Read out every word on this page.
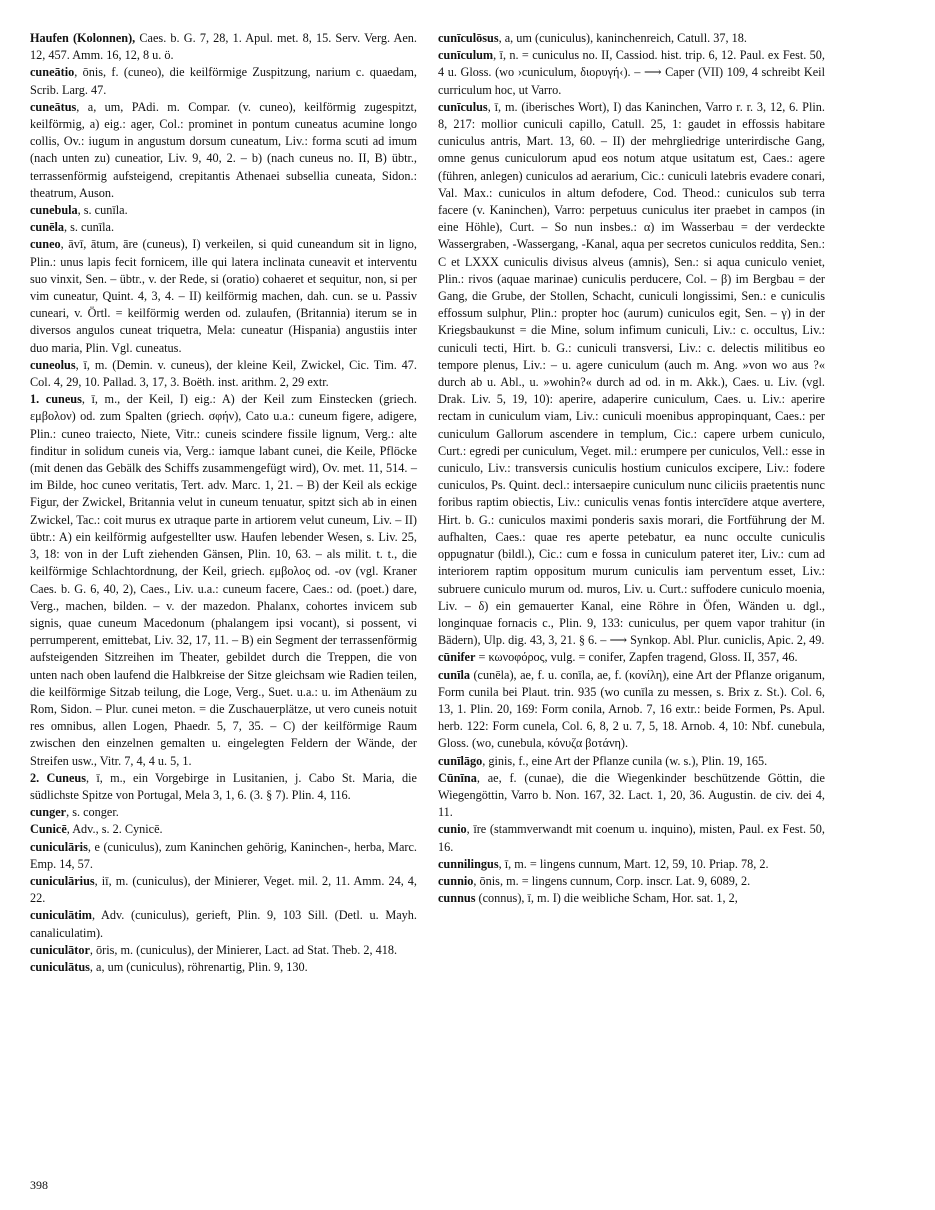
Haufen (Kolonnen), Caes. b. G. 7, 28, 1. Apul. met. 8, 15. Serv. Verg. Aen. 12, 457. Amm. 16, 12, 8 u. ö.

cuneātio, ōnis, f. (cuneo), die keilförmige Zuspitzung, narium c. quaedam, Scrib. Larg. 47.

cuneātus, a, um, PAdi. m. Compar. (v. cuneo), keilförmig zugespitzt, keilförmig, a) eig.: ager, Col.: prominet in pontum cuneatus acumine longo collis, Ov.: iugum in angustum dorsum cuneatum, Liv.: forma scuti ad imum (nach unten zu) cuneatior, Liv. 9, 40, 2. – b) (nach cuneus no. II, B) übtr., terrassenförmig aufsteigend, crepitantis Athenaei subsellia cuneata, Sidon.: theatrum, Auson.

cunebula, s. cunīla.

cunēla, s. cunīla.

cuneo, āvī, ātum, āre (cuneus), I) verkeilen, si quid cuneandum sit in ligno, Plin.: unus lapis fecit fornicem, ille qui latera inclinata cuneavit et interventu suo vinxit, Sen. – übtr., v. der Rede, si (oratio) cohaeret et sequitur, non, si per vim cuneatur, Quint. 4, 3, 4. – II) keilförmig machen, dah. cun. se u. Passiv cuneari, v. Örtl. = keilförmig werden od. zulaufen, (Britannia) iterum se in diversos angulos cuneat triquetra, Mela: cuneatur (Hispania) angustiis inter duo maria, Plin. Vgl. cuneatus.

cuneolus, ī, m. (Demin. v. cuneus), der kleine Keil, Zwickel, Cic. Tim. 47. Col. 4, 29, 10. Pallad. 3, 17, 3. Boëth. inst. arithm. 2, 29 extr.

1. cuneus, ī, m., der Keil, I) eig.: A) der Keil zum Einstecken (griech. εμβολον) od. zum Spalten (griech. σφήν), Cato u.a.: cuneum figere, adigere, Plin.: cuneo traiecto, Niete, Vitr.: cuneis scindere fissile lignum, Verg.: alte finditur in solidum cuneis via, Verg.: iamque labant cunei, die Keile, Pflöcke (mit denen das Gebälk des Schiffs zusammengefügt wird), Ov. met. 11, 514. – im Bilde, hoc cuneo veritatis, Tert. adv. Marc. 1, 21. – B) der Keil als eckige Figur, der Zwickel, Britannia velut in cuneum tenuatur, spitzt sich ab in einen Zwickel, Tac.: coit murus ex utraque parte in artiorem velut cuneum, Liv. – II) übtr.: A) ein keilförmig aufgestellter usw. Haufen lebender Wesen, s. Liv. 25, 3, 18: von in der Luft ziehenden Gänsen, Plin. 10, 63. – als milit. t. t., die keilförmige Schlachtordnung, der Keil, griech. εμβολος od. -ov (vgl. Kraner Caes. b. G. 6, 40, 2), Caes., Liv. u.a.: cuneum facere, Caes.: od. (poet.) dare, Verg., machen, bilden. – v. der mazedon. Phalanx, cohortes invicem sub signis, quae cuneum Macedonum (phalangem ipsi vocant), si possent, vi perrumperent, emittebat, Liv. 32, 17, 11. – B) ein Segment der terrassenförmig aufsteigenden Sitzreihen im Theater, gebildet durch die Treppen, die von unten nach oben laufend die Halbkreise der Sitze gleichsam wie Radien teilen, die keilförmige Sitzab teilung, die Loge, Verg., Suet. u.a.: u. im Athenäum zu Rom, Sidon. – Plur. cunei meton. = die Zuschauerplätze, ut vero cuneis notuit res omnibus, allen Logen, Phaedr. 5, 7, 35. – C) der keilförmige Raum zwischen den einzelnen gemalten u. eingelegten Feldern der Wände, der Streifen usw., Vitr. 7, 4, 4 u. 5, 1.

2. Cuneus, ī, m., ein Vorgebirge in Lusitanien, j. Cabo St. Maria, die südlichste Spitze von Portugal, Mela 3, 1, 6. (3. § 7). Plin. 4, 116.

cunger, s. conger.

Cunicē, Adv., s. 2. Cynicē.

cuniculāris, e (cuniculus), zum Kaninchen gehörig, Kaninchen-, herba, Marc. Emp. 14, 57.

cuniculārius, iī, m. (cuniculus), der Minierer, Veget. mil. 2, 11. Amm. 24, 4, 22.

cuniculātim, Adv. (cuniculus), gerieft, Plin. 9, 103 Sill. (Detl. u. Mayh. canaliculatim).

cuniculātor, ōris, m. (cuniculus), der Minierer, Lact. ad Stat. Theb. 2, 418.

cuniculātus, a, um (cuniculus), röhrenartig, Plin. 9, 130.

cunīculōsus, a, um (cuniculus), kaninchenreich, Catull. 37, 18.

cunīculum, ī, n. = cuniculus no. II, Cassiod. hist. trip. 6, 12. Paul. ex Fest. 50, 4 u. Gloss. (wo ›cuniculum, διορυγή‹). – ⟶ Caper (VII) 109, 4 schreibt Keil curriculum hoc, ut Varro.

cunīculus, ī, m. (iberisches Wort), I) das Kaninchen, Varro r. r. 3, 12, 6. Plin. 8, 217: mollior cuniculi capillo, Catull. 25, 1: gaudet in effossis habitare cuniculus antris, Mart. 13, 60. – II) der mehrgliedrige unterirdische Gang, omne genus cuniculorum apud eos notum atque usitatum est, Caes.: agere (führen, anlegen) cuniculos ad aerarium, Cic.: cuniculi latebris evadere conari, Val. Max.: cuniculos in altum defodere, Cod. Theod.: cuniculos sub terra facere (v. Kaninchen), Varro: perpetuus cuniculus iter praebet in campos (in eine Höhle), Curt. – So nun insbes.: α) im Wasserbau = der verdeckte Wassergraben, -Wassergang, -Kanal, aqua per secretos cuniculos reddita, Sen.: C et LXXX cuniculis divisus alveus (amnis), Sen.: si aqua cuniculo veniet, Plin.: rivos (aquae marinae) cuniculis perducere, Col. – β) im Bergbau = der Gang, die Grube, der Stollen, Schacht, cuniculi longissimi, Sen.: e cuniculis effossum sulphur, Plin.: propter hoc (aurum) cuniculos egit, Sen. – γ) in der Kriegsbaukunst = die Mine, solum infimum cuniculi, Liv.: c. occultus, Liv.: cuniculi tecti, Hirt. b. G.: cuniculi transversi, Liv.: c. delectis militibus eo tempore plenus, Liv.: – u. agere cuniculum (auch m. Ang. »von wo aus ?« durch ab u. Abl., u. »wohin?« durch ad od. in m. Akk.), Caes. u. Liv. (vgl. Drak. Liv. 5, 19, 10): aperire, adaperire cuniculum, Caes. u. Liv.: aperire rectam in cuniculum viam, Liv.: cuniculi moenibus appropinquant, Caes.: per cuniculum Gallorum ascendere in templum, Cic.: capere urbem cuniculo, Curt.: egredi per cuniculum, Veget. mil.: erumpere per cuniculos, Vell.: esse in cuniculo, Liv.: transversis cuniculis hostium cuniculos excipere, Liv.: fodere cuniculos, Ps. Quint. decl.: intersaepire cuniculum nunc ciliciis praetentis nunc foribus raptim obiectis, Liv.: cuniculis venas fontis intercīdere atque avertere, Hirt. b. G.: cuniculos maximi ponderis saxis morari, die Fortführung der M. aufhalten, Caes.: quae res aperte petebatur, ea nunc occulte cuniculis oppugnatur (bildl.), Cic.: cum e fossa in cuniculum pateret iter, Liv.: cum ad interiorem raptim oppositum murum cuniculis iam perventum esset, Liv.: subruere cuniculo murum od. muros, Liv. u. Curt.: suffodere cuniculo moenia, Liv. – δ) ein gemauerter Kanal, eine Röhre in Öfen, Wänden u. dgl., longinquae fornacis c., Plin. 9, 133: cuniculus, per quem vapor trahitur (in Bädern), Ulp. dig. 43, 3, 21. § 6. – ⟶ Synkop. Abl. Plur. cuniclis, Apic. 2, 49.

cūnifer = κωνοφόρος, vulg. = conifer, Zapfen tragend, Gloss. II, 357, 46.

cunīla (cunēla), ae, f. u. conīla, ae, f. (κονίλη), eine Art der Pflanze origanum, Form cunila bei Plaut. trin. 935 (wo cunīla zu messen, s. Brix z. St.). Col. 6, 13, 1. Plin. 20, 169: Form conila, Arnob. 7, 16 extr.: beide Formen, Ps. Apul. herb. 122: Form cunela, Col. 6, 8, 2 u. 7, 5, 18. Arnob. 4, 10: Nbf. cunebula, Gloss. (wo, cunebula, κόνυζα βοτάνη).

cunīlāgo, ginis, f., eine Art der Pflanze cunila (w. s.), Plin. 19, 165.

Cūnīna, ae, f. (cunae), die die Wiegenkinder beschützende Göttin, die Wiegengöttin, Varro b. Non. 167, 32. Lact. 1, 20, 36. Augustin. de civ. dei 4, 11.

cunio, īre (stammverwandt mit coenum u. inquino), misten, Paul. ex Fest. 50, 16.

cunnilingus, ī, m. = lingens cunnum, Mart. 12, 59, 10. Priap. 78, 2.

cunnio, ōnis, m. = lingens cunnum, Corp. inscr. Lat. 9, 6089, 2.

cunnus (connus), ī, m. I) die weibliche Scham, Hor. sat. 1, 2,

398
